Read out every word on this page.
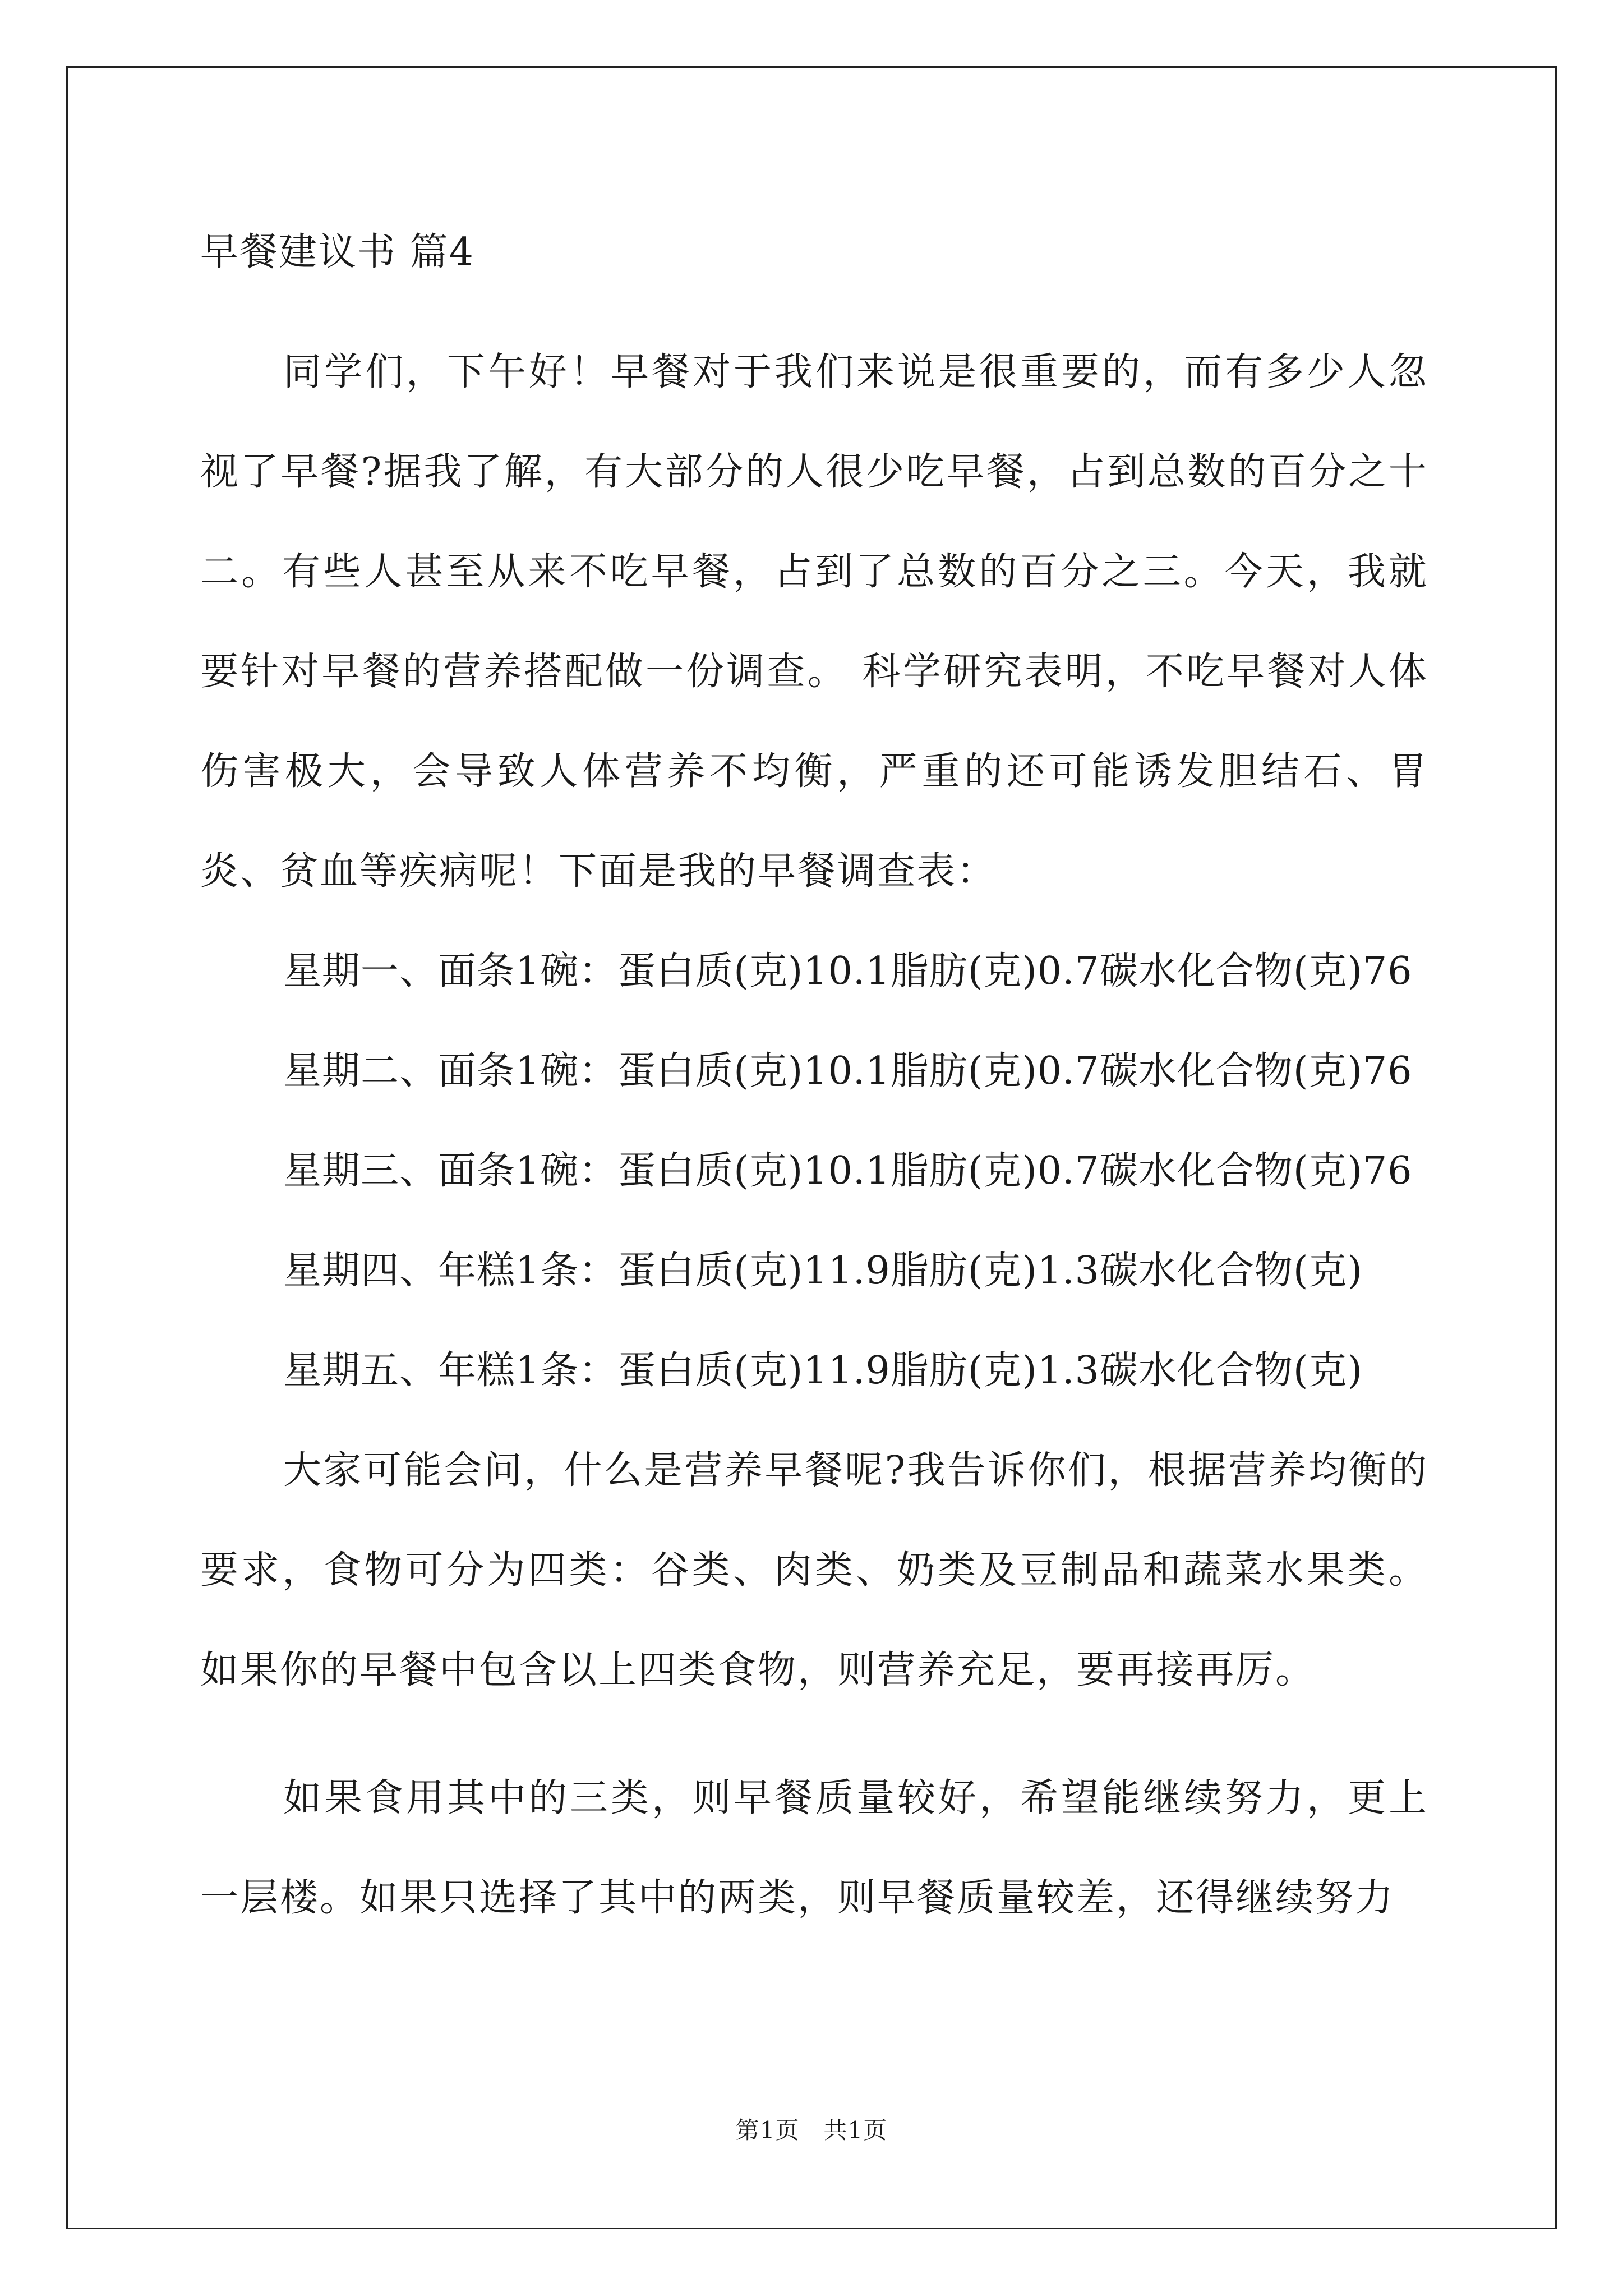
早餐建议书 篇4

同学们，下午好！早餐对于我们来说是很重要的，而有多少人忽视了早餐?据我了解，有大部分的人很少吃早餐，占到总数的百分之十二。有些人甚至从来不吃早餐，占到了总数的百分之三。今天，我就要针对早餐的营养搭配做一份调查。 科学研究表明，不吃早餐对人体伤害极大，会导致人体营养不均衡，严重的还可能诱发胆结石、胃炎、贫血等疾病呢！下面是我的早餐调查表：

星期一、面条1碗：蛋白质(克)10.1脂肪(克)0.7碳水化合物(克)76

星期二、面条1碗：蛋白质(克)10.1脂肪(克)0.7碳水化合物(克)76

星期三、面条1碗：蛋白质(克)10.1脂肪(克)0.7碳水化合物(克)76

星期四、年糕1条：蛋白质(克)11.9脂肪(克)1.3碳水化合物(克)

星期五、年糕1条：蛋白质(克)11.9脂肪(克)1.3碳水化合物(克)

大家可能会问，什么是营养早餐呢?我告诉你们，根据营养均衡的要求，食物可分为四类：谷类、肉类、奶类及豆制品和蔬菜水果类。如果你的早餐中包含以上四类食物，则营养充足，要再接再厉。

如果食用其中的三类，则早餐质量较好，希望能继续努力，更上一层楼。如果只选择了其中的两类，则早餐质量较差，还得继续努力

第1页　共1页
